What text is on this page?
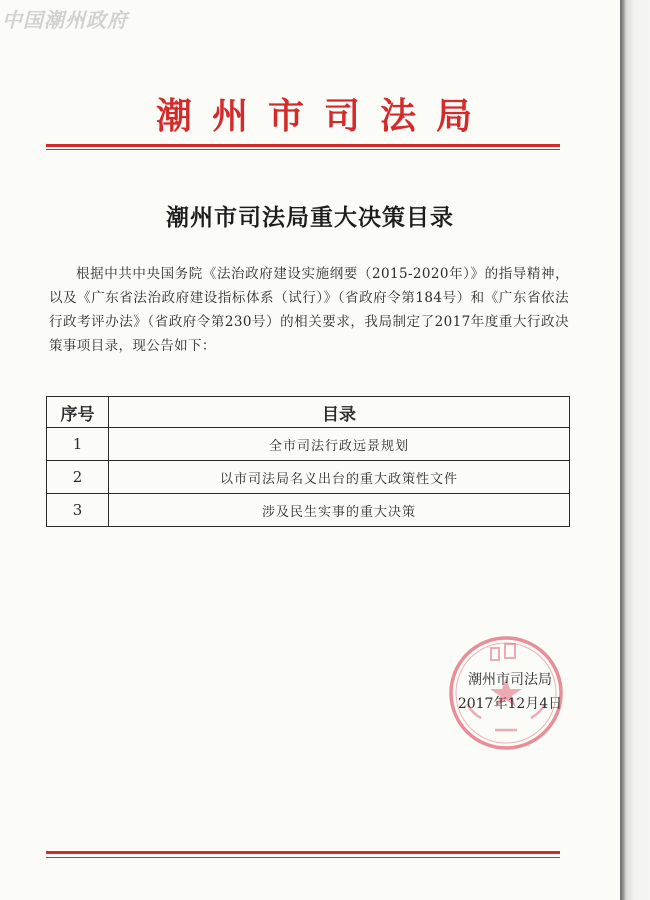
中国潮州政府
潮州市司法局
潮州市司法局重大决策目录
根据中共中央国务院《法治政府建设实施纲要（2015-2020年）》的指导精神，以及《广东省法治政府建设指标体系（试行）》（省政府令第184号）和《广东省依法行政考评办法》（省政府令第230号）的相关要求，我局制定了2017年度重大行政决策事项目录，现公告如下：
序号	目录
1	全市司法行政远景规划
2	以市司法局名义出台的重大政策性文件
3	涉及民生实事的重大决策
潮州市司法局
2017年12月4日
